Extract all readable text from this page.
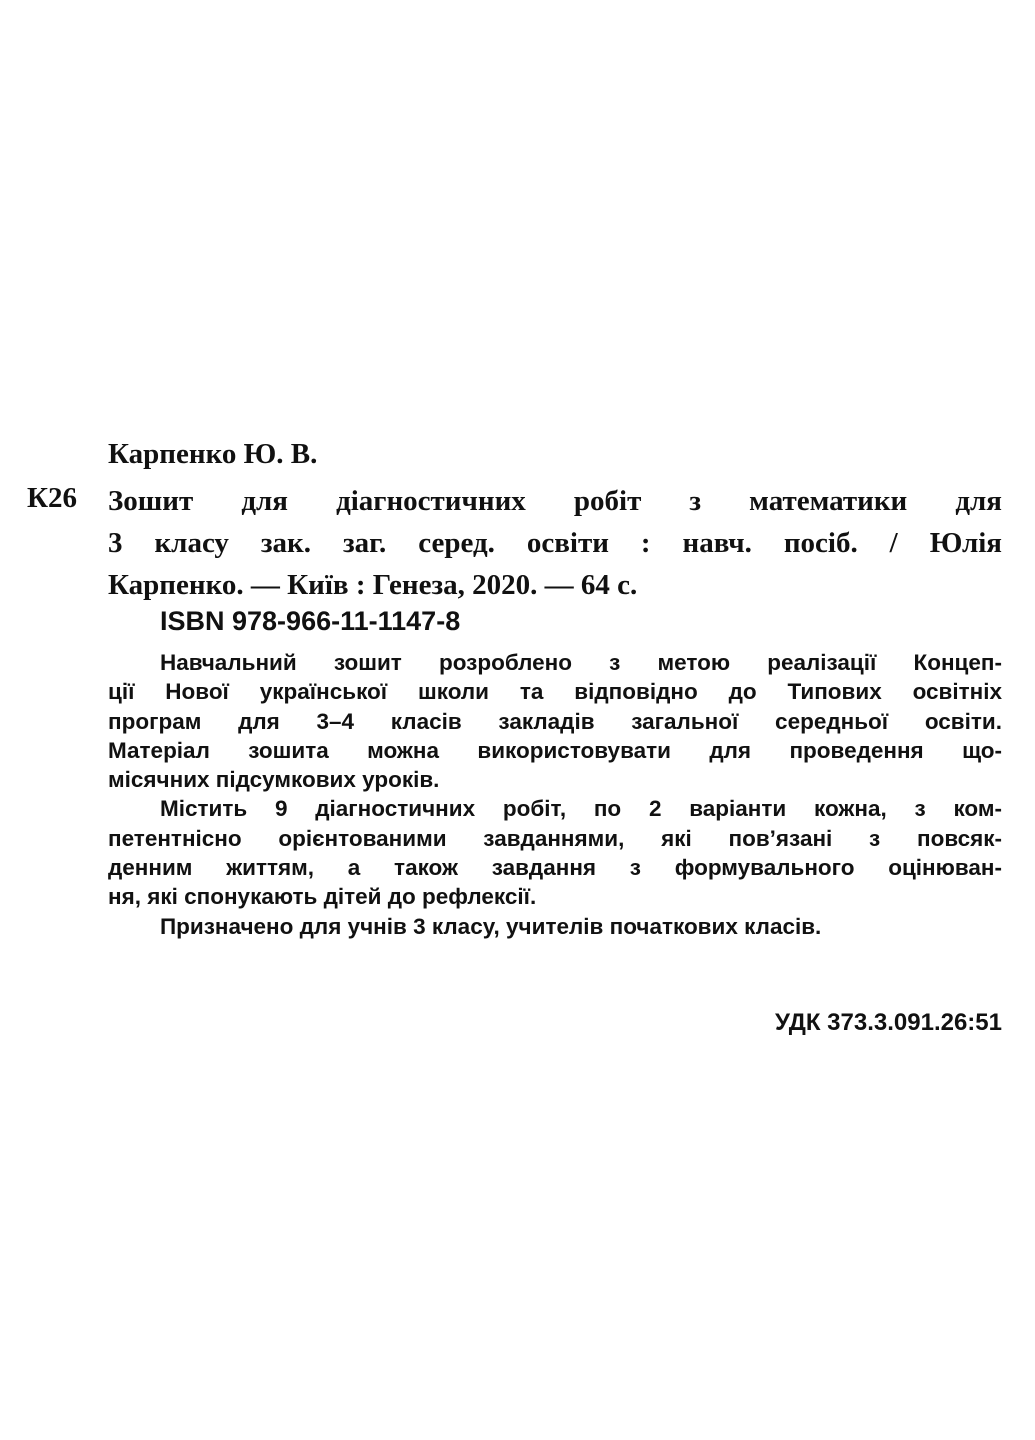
Карпенко Ю. В.
К26 Зошит для діагностичних робіт з математики для
3 класу зак. заг. серед. освіти : навч. посіб. / Юлія
Карпенко. — Київ : Генеза, 2020. — 64 с.
ISBN 978-966-11-1147-8
Навчальний зошит розроблено з метою реалізації Концеп-
ції Нової української школи та відповідно до Типових освітніх
програм для 3–4 класів закладів загальної середньої освіти.
Матеріал зошита можна використовувати для проведення що-
місячних підсумкових уроків.
Містить 9 діагностичних робіт, по 2 варіанти кожна, з ком-
петентнісно орієнтованими завданнями, які пов’язані з повсяк-
денним життям, а також завдання з формувального оцінюван-
ня, які спонукають дітей до рефлексії.
Призначено для учнів 3 класу, учителів початкових класів.
УДК 373.3.091.26:51
